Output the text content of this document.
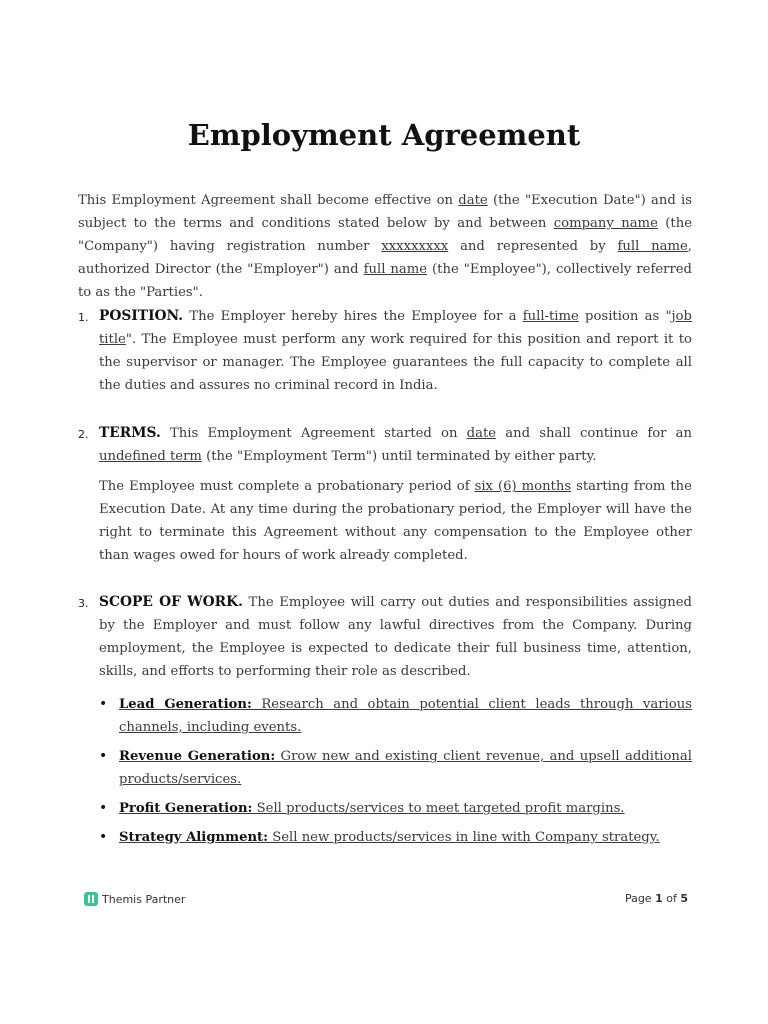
Employment Agreement
This Employment Agreement shall become effective on date (the "Execution Date") and is subject to the terms and conditions stated below by and between company name (the "Company") having registration number xxxxxxxxx and represented by full name, authorized Director (the "Employer") and full name (the "Employee"), collectively referred to as the "Parties".
1. POSITION. The Employer hereby hires the Employee for a full-time position as "job title". The Employee must perform any work required for this position and report it to the supervisor or manager. The Employee guarantees the full capacity to complete all the duties and assures no criminal record in India.
2. TERMS. This Employment Agreement started on date and shall continue for an undefined term (the "Employment Term") until terminated by either party.
The Employee must complete a probationary period of six (6) months starting from the Execution Date. At any time during the probationary period, the Employer will have the right to terminate this Agreement without any compensation to the Employee other than wages owed for hours of work already completed.
3. SCOPE OF WORK. The Employee will carry out duties and responsibilities assigned by the Employer and must follow any lawful directives from the Company. During employment, the Employee is expected to dedicate their full business time, attention, skills, and efforts to performing their role as described.
• Lead Generation: Research and obtain potential client leads through various channels, including events.
• Revenue Generation: Grow new and existing client revenue, and upsell additional products/services.
• Profit Generation: Sell products/services to meet targeted profit margins.
• Strategy Alignment: Sell new products/services in line with Company strategy.
Themis Partner	Page 1 of 5
